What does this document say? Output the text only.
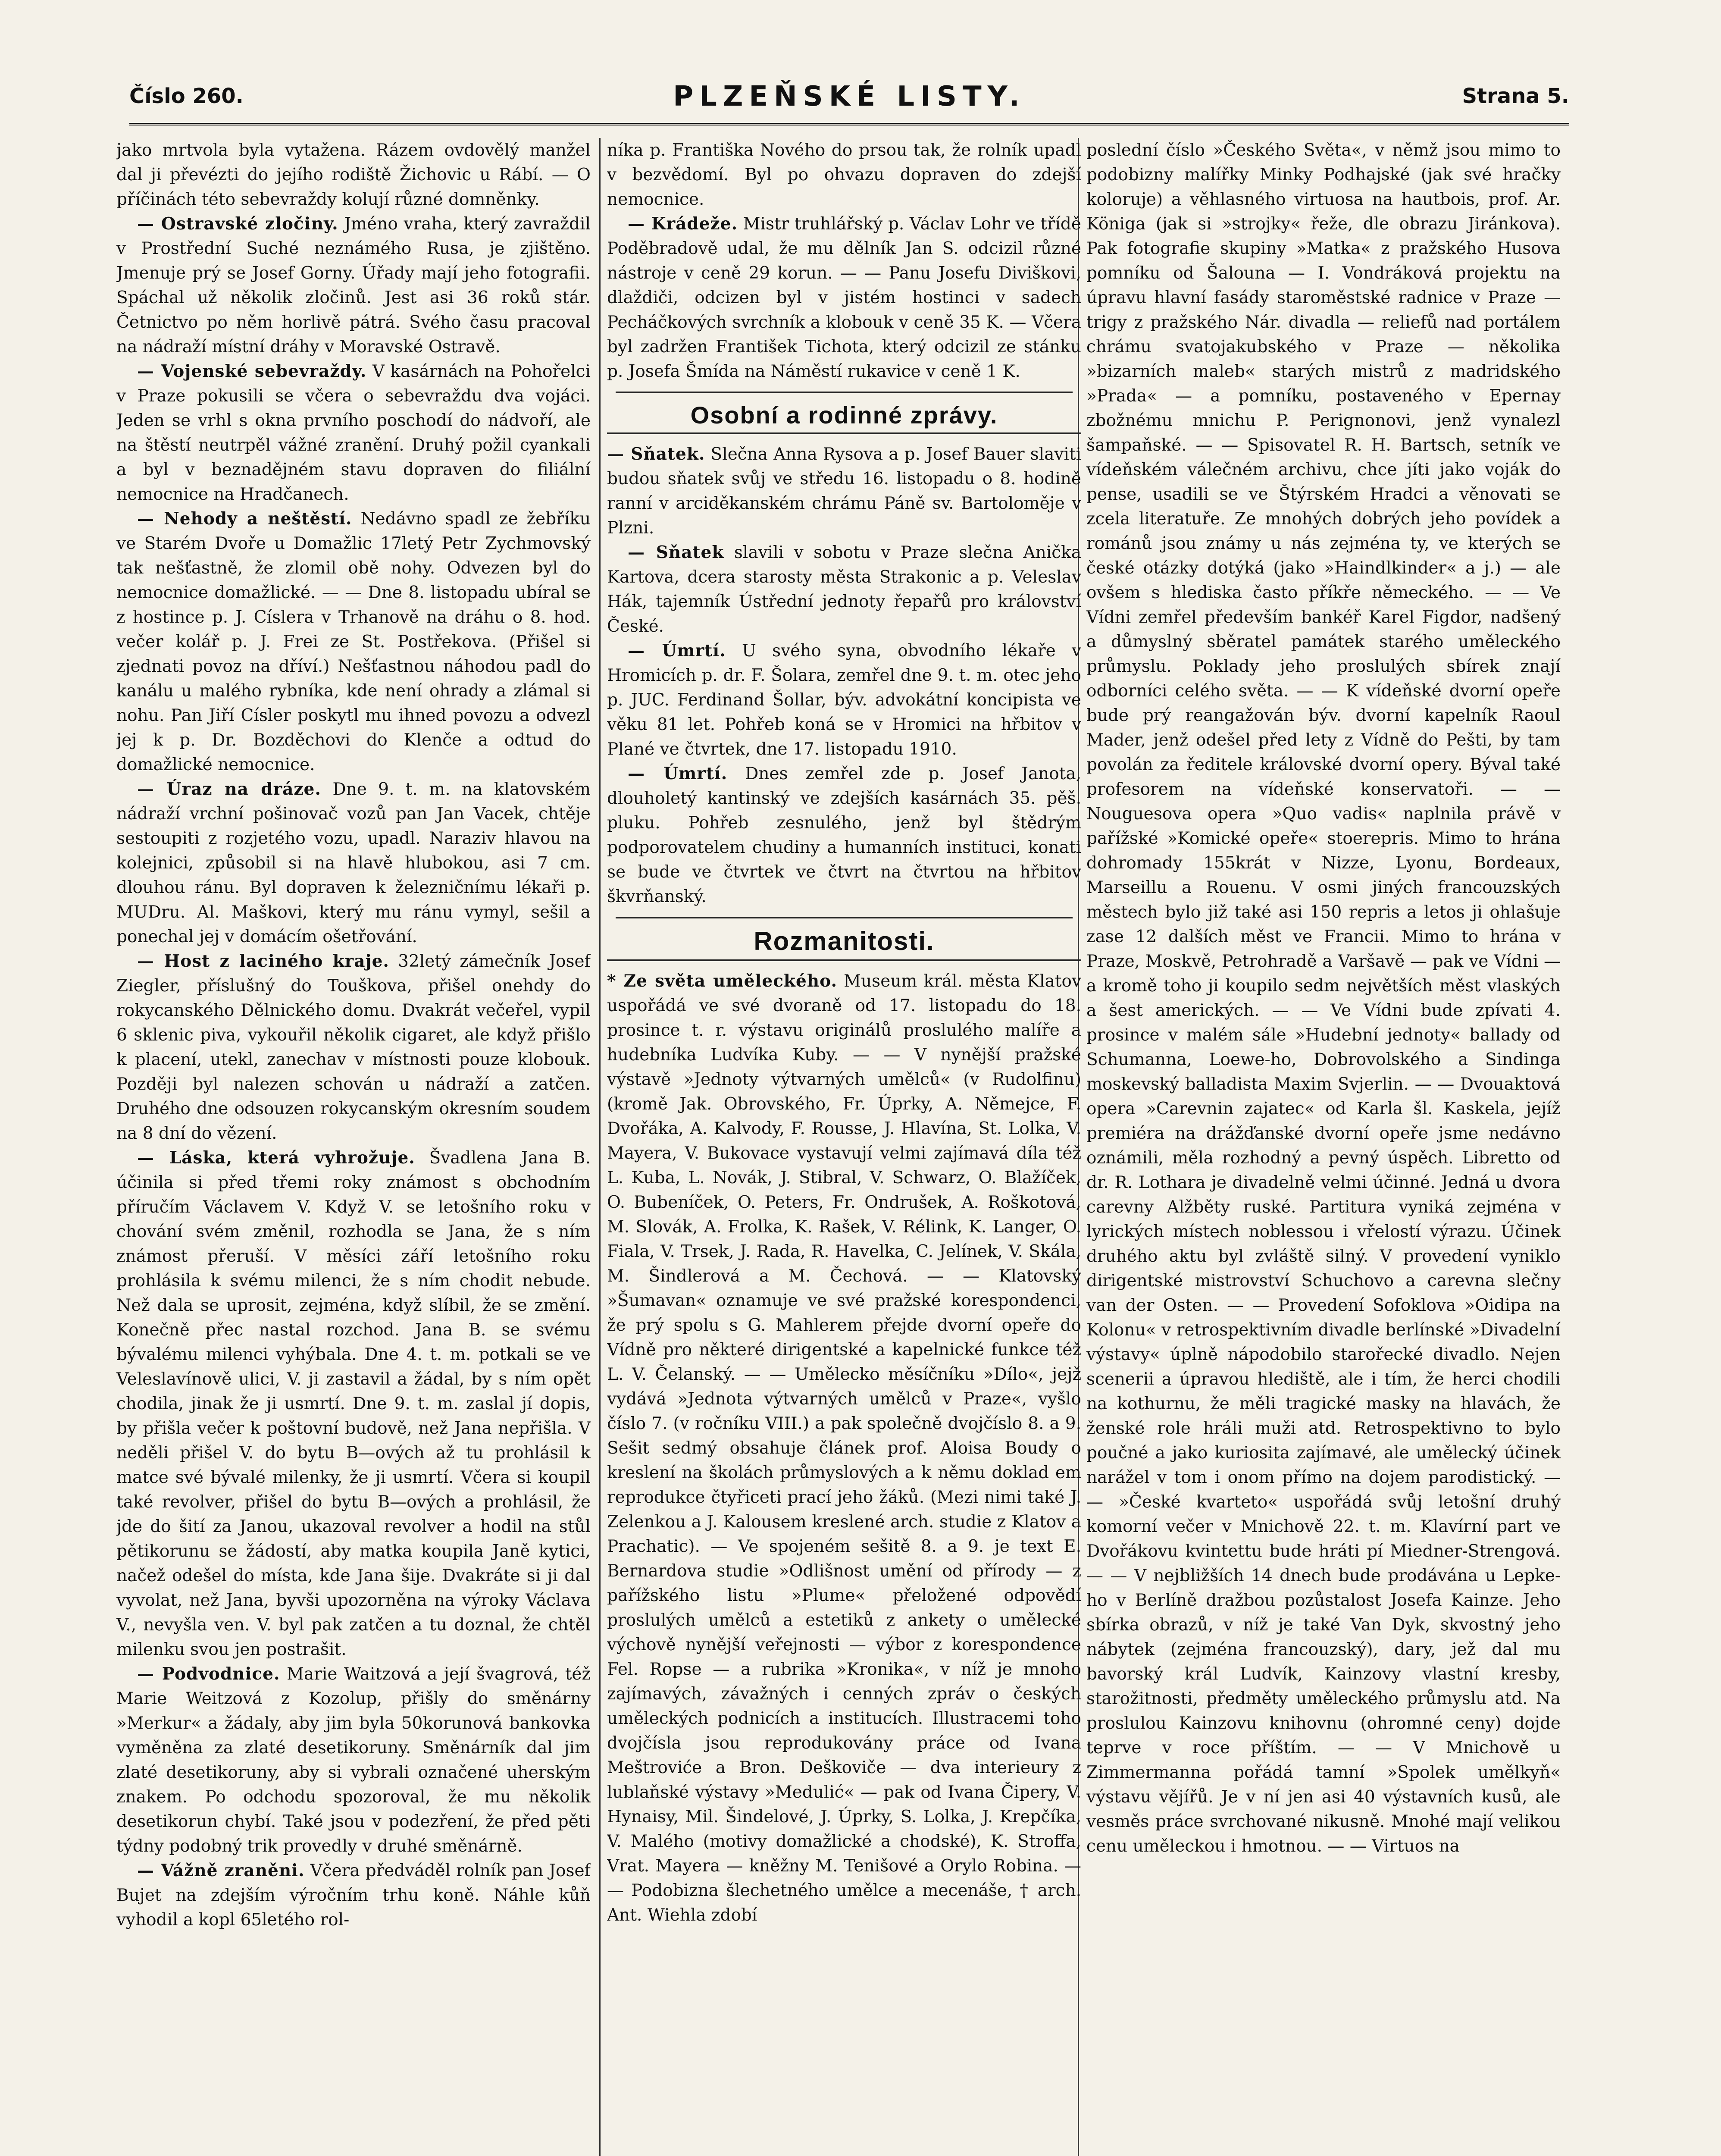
Číslo 260.	PLZEŇSKÉ LISTY.	Strana 5.

jako mrtvola byla vytažena. Rázem ovdovělý manžel dal ji převézti do jejího rodiště Žichovic u Rábí. — O příčinách této sebevraždy kolují různé domněnky.

— Ostravské zločiny. Jméno vraha, který zavraždil v Prostřední Suché neznámého Rusa, je zjištěno. Jmenuje prý se Josef Gorny. Úřady mají jeho fotografii. Spáchal už několik zločinů. Jest asi 36 roků stár. Četnictvo po něm horlivě pátrá. Svého času pracoval na nádraží místní dráhy v Moravské Ostravě.

— Vojenské sebevraždy. V kasárnách na Pohořelci v Praze pokusili se včera o sebevraždu dva vojáci. Jeden se vrhl s okna prvního poschodí do nádvoří, ale na štěstí neutrpěl vážné zranění. Druhý požil cyankali a byl v beznadějném stavu dopraven do filiální nemocnice na Hradčanech.

— Nehody a neštěstí. Nedávno spadl ze žebříku ve Starém Dvoře u Domažlic 17letý Petr Zychmovský tak nešťastně, že zlomil obě nohy. Odvezen byl do nemocnice domažlické. — — Dne 8. listopadu ubíral se z hostince p. J. Císlera v Trhanově na dráhu o 8. hod. večer kolář p. J. Frei ze St. Postřekova. (Přišel si zjednati povoz na dříví.) Nešťastnou náhodou padl do kanálu u malého rybníka, kde není ohrady a zlámal si nohu. Pan Jiří Císler poskytl mu ihned povozu a odvezl jej k p. Dr. Bozděchovi do Klenče a odtud do domažlické nemocnice.

— Úraz na dráze. Dne 9. t. m. na klatovském nádraží vrchní pošinovač vozů pan Jan Vacek, chtěje sestoupiti z rozjetého vozu, upadl. Naraziv hlavou na kolejnici, způsobil si na hlavě hlubokou, asi 7 cm. dlouhou ránu. Byl dopraven k železničnímu lékaři p. MUDru. Al. Maškovi, který mu ránu vymyl, sešil a ponechal jej v domácím ošetřování.

— Host z laciného kraje. 32letý zámečník Josef Ziegler, příslušný do Touškova, přišel onehdy do rokycanského Dělnického domu. Dvakrát večeřel, vypil 6 sklenic piva, vykouřil několik cigaret, ale když přišlo k placení, utekl, zanechav v místnosti pouze klobouk. Později byl nalezen schován u nádraží a zatčen. Druhého dne odsouzen rokycanským okresním soudem na 8 dní do vězení.

— Láska, která vyhrožuje. Švadlena Jana B. účinila si před třemi roky známost s obchodním příručím Václavem V. Když V. se letošního roku v chování svém změnil, rozhodla se Jana, že s ním známost přeruší. V měsíci září letošního roku prohlásila k svému milenci, že s ním chodit nebude. Než dala se uprosit, zejména, když slíbil, že se změní. Konečně přec nastal rozchod. Jana B. se svému bývalému milenci vyhýbala. Dne 4. t. m. potkali se ve Veleslavínově ulici, V. ji zastavil a žádal, by s ním opět chodila, jinak že ji usmrtí. Dne 9. t. m. zaslal jí dopis, by přišla večer k poštovní budově, než Jana nepřišla. V neděli přišel V. do bytu B—ových až tu prohlásil k matce své bývalé milenky, že ji usmrtí. Včera si koupil také revolver, přišel do bytu B—ových a prohlásil, že jde do šití za Janou, ukazoval revolver a hodil na stůl pětikorunu se žádostí, aby matka koupila Janě kytici, načež odešel do místa, kde Jana šije. Dvakráte si ji dal vyvolat, než Jana, byvši upozorněna na výroky Václava V., nevyšla ven. V. byl pak zatčen a tu doznal, že chtěl milenku svou jen postrašit.

— Podvodnice. Marie Waitzová a její švagrová, též Marie Weitzová z Kozolup, přišly do směnárny »Merkur« a žádaly, aby jim byla 50korunová bankovka vyměněna za zlaté desetikoruny. Směnárník dal jim zlaté desetikoruny, aby si vybrali označené uherským znakem. Po odchodu spozoroval, že mu několik desetikorun chybí. Také jsou v podezření, že před pěti týdny podobný trik provedly v druhé směnárně.

— Vážně zraněni. Včera předváděl rolník pan Josef Bujet na zdejším výročním trhu koně. Náhle kůň vyhodil a kopl 65letého rol-

níka p. Františka Nového do prsou tak, že rolník upadl v bezvědomí. Byl po ohvazu dopraven do zdejší nemocnice.

— Krádeže. Mistr truhlářský p. Václav Lohr ve třídě Poděbradově udal, že mu dělník Jan S. odcizil různé nástroje v ceně 29 korun. — — Panu Josefu Diviškovi, dlaždiči, odcizen byl v jistém hostinci v sadech Pecháčkových svrchník a klobouk v ceně 35 K. — Včera byl zadržen František Tichota, který odcizil ze stánku p. Josefa Šmída na Náměstí rukavice v ceně 1 K.

Osobní a rodinné zprávy.

— Sňatek. Slečna Anna Rysova a p. Josef Bauer slaviti budou sňatek svůj ve středu 16. listopadu o 8. hodině ranní v arciděkanském chrámu Páně sv. Bartoloměje v Plzni.

— Sňatek slavili v sobotu v Praze slečna Anička Kartova, dcera starosty města Strakonic a p. Veleslav Hák, tajemník Ústřední jednoty řepařů pro království České.

— Úmrtí. U svého syna, obvodního lékaře v Hromicích p. dr. F. Šolara, zemřel dne 9. t. m. otec jeho p. JUC. Ferdinand Šollar, býv. advokátní koncipista ve věku 81 let. Pohřeb koná se v Hromici na hřbitov v Plané ve čtvrtek, dne 17. listopadu 1910.

— Úmrtí. Dnes zemřel zde p. Josef Janota, dlouholetý kantinský ve zdejších kasárnách 35. pěš. pluku. Pohřeb zesnulého, jenž byl štědrým podporovatelem chudiny a humanních instituci, konati se bude ve čtvrtek ve čtvrt na čtvrtou na hřbitov škvrňanský.

Rozmanitosti.

* Ze světa uměleckého. Museum král. města Klatov uspořádá ve své dvoraně od 17. listopadu do 18. prosince t. r. výstavu originálů proslulého malíře a hudebníka Ludvíka Kuby. — — V nynější pražské výstavě »Jednoty výtvarných umělců« (v Rudolfinu) (kromě Jak. Obrovského, Fr. Úprky, A. Němejce, F. Dvořáka, A. Kalvody, F. Rousse, J. Hlavína, St. Lolka, V. Mayera, V. Bukovace vystavují velmi zajímavá díla též L. Kuba, L. Novák, J. Stibral, V. Schwarz, O. Blažíček, O. Bubeníček, O. Peters, Fr. Ondrušek, A. Roškotová, M. Slovák, A. Frolka, K. Rašek, V. Rélink, K. Langer, O. Fiala, V. Trsek, J. Rada, R. Havelka, C. Jelínek, V. Skála, M. Šindlerová a M. Čechová. — — Klatovský »Šumavan« oznamuje ve své pražské korespondenci, že prý spolu s G. Mahlerem přejde dvorní opeře do Vídně pro některé dirigentské a kapelnické funkce též L. V. Čelanský. — — Umělecko měsíčníku »Dílo«, jejž vydává »Jednota výtvarných umělců v Praze«, vyšlo číslo 7. (v ročníku VIII.) a pak společně dvojčíslo 8. a 9. Sešit sedmý obsahuje článek prof. Aloisa Boudy o kreslení na školách průmyslových a k němu doklad em reprodukce čtyřiceti prací jeho žáků. (Mezi nimi také J. Zelenkou a J. Kalousem kreslené arch. studie z Klatov a Prachatic). — Ve spojeném sešitě 8. a 9. je text E. Bernardova studie »Odlišnost umění od přírody — z pařížského listu »Plume« přeložené odpovědí proslulých umělců a estetiků z ankety o umělecké výchově nynější veřejnosti — výbor z korespondence Fel. Ropse — a rubrika »Kronika«, v níž je mnoho zajímavých, závažných i cenných zpráv o českých uměleckých podnicích a institucích. Illustracemi toho dvojčísla jsou reprodukovány práce od Ivana Meštroviće a Bron. Deškoviče — dva interieury z lublaňské výstavy »Medulić« — pak od Ivana Čipery, V. Hynaisy, Mil. Šindelové, J. Úprky, S. Lolka, J. Krepčíka, V. Malého (motivy domažlické a chodské), K. Stroffa, Vrat. Mayera — kněžny M. Tenišové a Orylo Robina. — — Podobizna šlechetného umělce a mecenáše, † arch. Ant. Wiehla zdobí

poslední číslo »Českého Světa«, v němž jsou mimo to podobizny malířky Minky Podhajské (jak své hračky koloruje) a věhlasného virtuosa na hautbois, prof. Ar. Königa (jak si »strojky« řeže, dle obrazu Jiránkova). Pak fotografie skupiny »Matka« z pražského Husova pomníku od Šalouna — I. Vondráková projektu na úpravu hlavní fasády staroměstské radnice v Praze — trigy z pražského Nár. divadla — reliefů nad portálem chrámu svatojakubského v Praze — několika »bizarních maleb« starých mistrů z madridského »Prada« — a pomníku, postaveného v Epernay zbožnému mnichu P. Perignonovi, jenž vynalezl šampaňské. — — Spisovatel R. H. Bartsch, setník ve vídeňském válečném archivu, chce jíti jako voják do pense, usadili se ve Štýrském Hradci a věnovati se zcela literatuře. Ze mnohých dobrých jeho povídek a románů jsou známy u nás zejména ty, ve kterých se české otázky dotýká (jako »Haindlkinder« a j.) — ale ovšem s hlediska často příkře německého. — — Ve Vídni zemřel především bankéř Karel Figdor, nadšený a důmyslný sběratel památek starého uměleckého průmyslu. Poklady jeho proslulých sbírek znají odborníci celého světa. — — K vídeňské dvorní opeře bude prý reangažován býv. dvorní kapelník Raoul Mader, jenž odešel před lety z Vídně do Pešti, by tam povolán za ředitele královské dvorní opery. Býval také profesorem na vídeňské konservatoři. — — Nouguesova opera »Quo vadis« naplnila právě v pařížské »Komické opeře« stoerepris. Mimo to hrána dohromady 155krát v Nizze, Lyonu, Bordeaux, Marseillu a Rouenu. V osmi jiných francouzských městech bylo již také asi 150 repris a letos ji ohlašuje zase 12 dalších měst ve Francii. Mimo to hrána v Praze, Moskvě, Petrohradě a Varšavě — pak ve Vídni — a kromě toho ji koupilo sedm největších měst vlaských a šest amerických. — — Ve Vídni bude zpívati 4. prosince v malém sále »Hudební jednoty« ballady od Schumanna, Loewe-ho, Dobrovolského a Sindinga moskevský balladista Maxim Svjerlin. — — Dvouaktová opera »Carevnin zajatec« od Karla šl. Kaskela, jejíž premiéra na drážďanské dvorní opeře jsme nedávno oznámili, měla rozhodný a pevný úspěch. Libretto od dr. R. Lothara je divadelně velmi účinné. Jedná u dvora carevny Alžběty ruské. Partitura vyniká zejména v lyrických místech noblessou i vřelostí výrazu. Účinek druhého aktu byl zvláště silný. V provedení vyniklo dirigentské mistrovství Schuchovo a carevna slečny van der Osten. — — Provedení Sofoklova »Oidipa na Kolonu« v retrospektivním divadle berlínské »Divadelní výstavy« úplně nápodobilo starořecké divadlo. Nejen scenerii a úpravou hlediště, ale i tím, že herci chodili na kothurnu, že měli tragické masky na hlavách, že ženské role hráli muži atd. Retrospektivno to bylo poučné a jako kuriosita zajímavé, ale umělecký účinek narážel v tom i onom přímo na dojem parodistický. — — »České kvarteto« uspořádá svůj letošní druhý komorní večer v Mnichově 22. t. m. Klavírní part ve Dvořákovu kvintettu bude hráti pí Miedner-Strengová. — — V nejbližších 14 dnech bude prodávána u Lepke-ho v Berlíně dražbou pozůstalost Josefa Kainze. Jeho sbírka obrazů, v níž je také Van Dyk, skvostný jeho nábytek (zejména francouzský), dary, jež dal mu bavorský král Ludvík, Kainzovy vlastní kresby, starožitnosti, předměty uměleckého průmyslu atd. Na proslulou Kainzovu knihovnu (ohromné ceny) dojde teprve v roce příštím. — — V Mnichově u Zimmermanna pořádá tamní »Spolek umělkyň« výstavu vějířů. Je v ní jen asi 40 výstavních kusů, ale vesměs práce svrchované nikusně. Mnohé mají velikou cenu uměleckou i hmotnou. — — Virtuos na
